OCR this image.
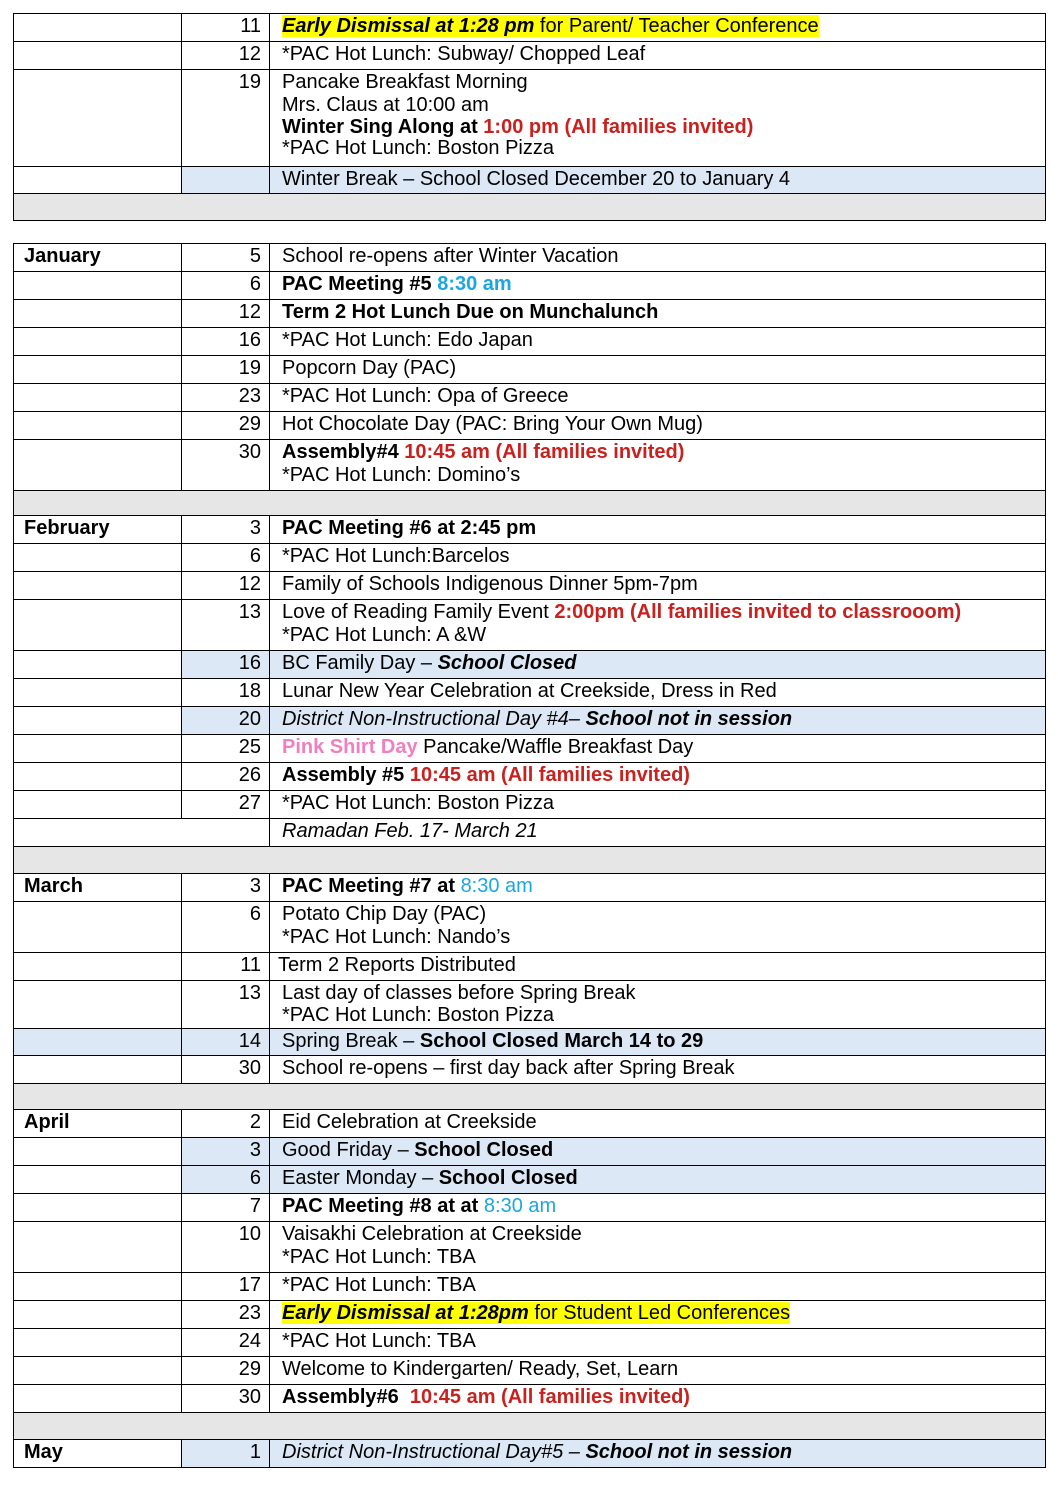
	11	Early Dismissal at 1:28 pm for Parent/ Teacher Conference
	12	*PAC Hot Lunch: Subway/ Chopped Leaf
	19	Pancake Breakfast Morning
Mrs. Claus at 10:00 am
Winter Sing Along at 1:00 pm (All families invited)
*PAC Hot Lunch: Boston Pizza

		Winter Break – School Closed December 20 to January 4

January	5	School re-opens after Winter Vacation
	6	PAC Meeting #5 8:30 am
	12	Term 2 Hot Lunch Due on Munchalunch
	16	*PAC Hot Lunch: Edo Japan
	19	Popcorn Day (PAC)
	23	*PAC Hot Lunch: Opa of Greece
	29	Hot Chocolate Day (PAC: Bring Your Own Mug)
	30	Assembly#4 10:45 am (All families invited)
*PAC Hot Lunch: Domino’s

February	3	PAC Meeting #6 at 2:45 pm
	6	*PAC Hot Lunch:Barcelos
	12	Family of Schools Indigenous Dinner 5pm-7pm
	13	Love of Reading Family Event 2:00pm (All families invited to classrooom)
*PAC Hot Lunch: A &W

	16	BC Family Day – School Closed
	18	Lunar New Year Celebration at Creekside, Dress in Red
	20	District Non-Instructional Day #4– School not in session
	25	Pink Shirt Day Pancake/Waffle Breakfast Day
	26	Assembly #5 10:45 am (All families invited)
	27	*PAC Hot Lunch: Boston Pizza
		Ramadan Feb. 17- March 21

March	3	PAC Meeting #7 at 8:30 am
	6	Potato Chip Day (PAC)
*PAC Hot Lunch: Nando’s

	11	Term 2 Reports Distributed
	13	Last day of classes before Spring Break
*PAC Hot Lunch: Boston Pizza

	14	Spring Break – School Closed March 14 to 29
	30	School re-opens – first day back after Spring Break

April	2	Eid Celebration at Creekside
	3	Good Friday – School Closed
	6	Easter Monday – School Closed
	7	PAC Meeting #8 at at 8:30 am
	10	Vaisakhi Celebration at Creekside
*PAC Hot Lunch: TBA

	17	*PAC Hot Lunch: TBA
	23	Early Dismissal at 1:28pm for Student Led Conferences
	24	*PAC Hot Lunch: TBA
	29	Welcome to Kindergarten/ Ready, Set, Learn
	30	Assembly#6  10:45 am (All families invited)

May	1	District Non-Instructional Day#5 – School not in session
